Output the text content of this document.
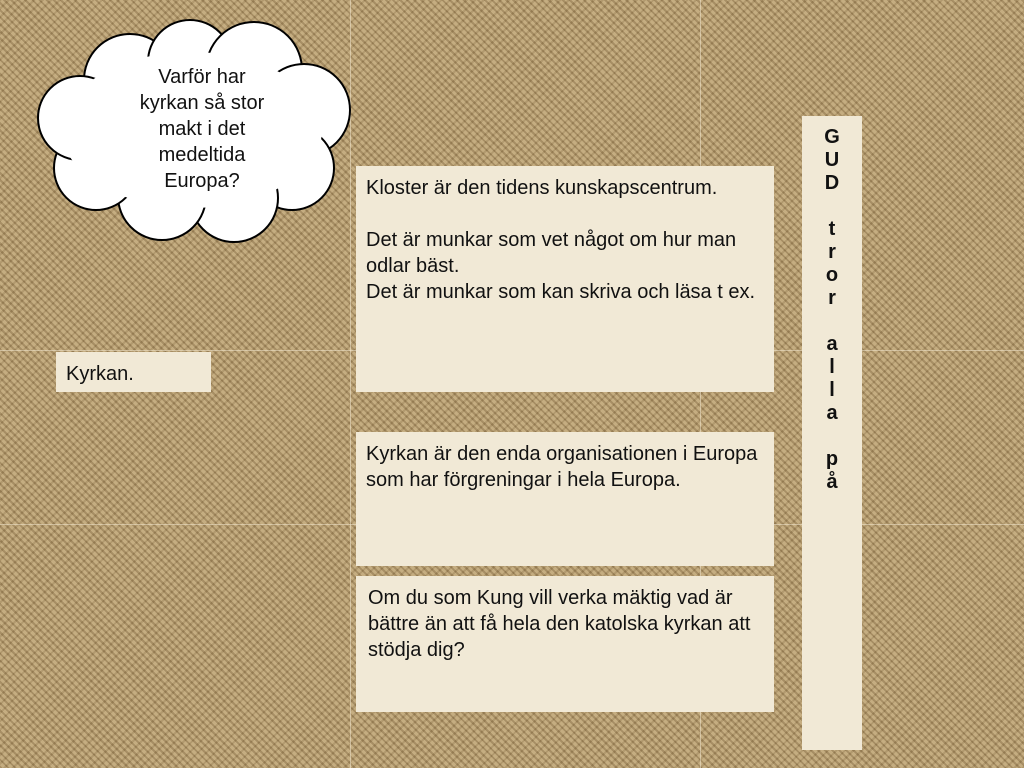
Varför har
kyrkan så stor
makt i det
medeltida
Europa?

Kyrkan.

Kloster är den tidens kunskapscentrum.

Det är munkar som vet något om hur man odlar bäst.

Det är munkar som kan skriva och läsa t ex.

Kyrkan är den enda organisationen i Europa som har förgreningar i hela Europa.

Om du som Kung vill verka mäktig vad är bättre än att få hela den katolska kyrkan att stödja dig?

G
U
D
t
r
o
r
a
l
l
a
p
å
